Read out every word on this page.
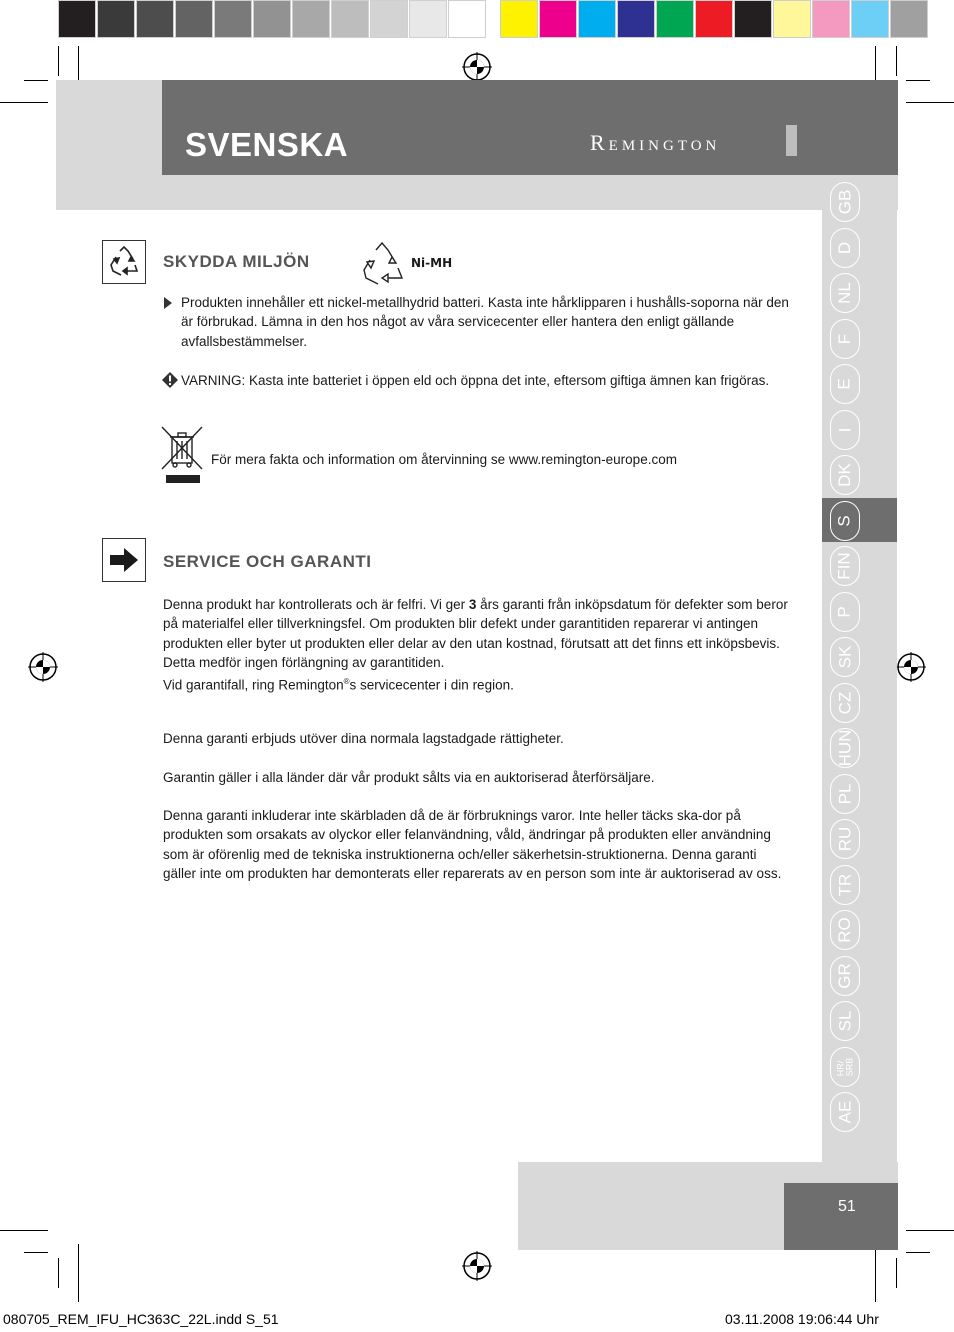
SVENSKA	Remington
GB
D
NL
F
E
I
DK
S
FIN
P
SK
CZ
HUN
PL
RU
TR
RO
GR
SL
HR/
SRB
AE
SKYDDA MILJÖN	Ni-MH
Produkten innehåller ett nickel-metallhydrid batteri. Kasta inte hårklipparen i hushålls-soporna när den är förbrukad. Lämna in den hos något av våra servicecenter eller hantera den enligt gällande avfallsbestämmelser.
VARNING: Kasta inte batteriet i öppen eld och öppna det inte, eftersom giftiga ämnen kan frigöras.
För mera fakta och information om återvinning se www.remington-europe.com
SERVICE OCH GARANTI
Denna produkt har kontrollerats och är felfri. Vi ger 3 års garanti från inköpsdatum för defekter som beror på materialfel eller tillverkningsfel. Om produkten blir defekt under garantitiden reparerar vi antingen produkten eller byter ut produkten eller delar av den utan kostnad, förutsatt att det finns ett inköpsbevis. Detta medför ingen förlängning av garantitiden.
Vid garantifall, ring Remington®s servicecenter i din region.
Denna garanti erbjuds utöver dina normala lagstadgade rättigheter.
Garantin gäller i alla länder där vår produkt sålts via en auktoriserad återförsäljare.
Denna garanti inkluderar inte skärbladen då de är förbruknings varor. Inte heller täcks ska-dor på produkten som orsakats av olyckor eller felanvändning, våld, ändringar på produkten eller användning som är oförenlig med de tekniska instruktionerna och/eller säkerhetsin-struktionerna. Denna garanti gäller inte om produkten har demonterats eller reparerats av en person som inte är auktoriserad av oss.
51
080705_REM_IFU_HC363C_22L.indd S_51	03.11.2008 19:06:44 Uhr
